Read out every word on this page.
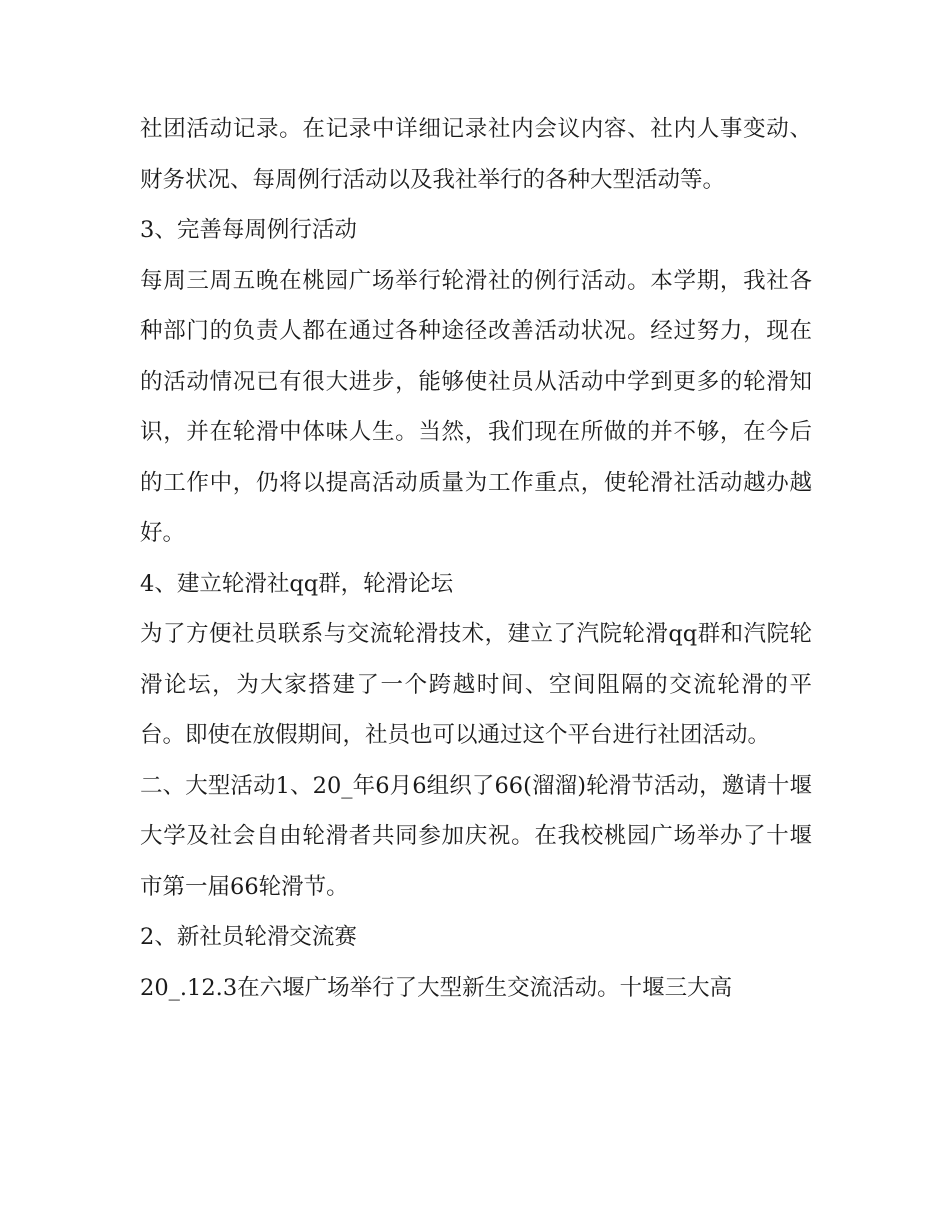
社团活动记录。在记录中详细记录社内会议内容、社内人事变动、财务状况、每周例行活动以及我社举行的各种大型活动等。

3、完善每周例行活动

每周三周五晚在桃园广场举行轮滑社的例行活动。本学期，我社各种部门的负责人都在通过各种途径改善活动状况。经过努力，现在的活动情况已有很大进步，能够使社员从活动中学到更多的轮滑知识，并在轮滑中体味人生。当然，我们现在所做的并不够，在今后的工作中，仍将以提高活动质量为工作重点，使轮滑社活动越办越好。

4、建立轮滑社qq群，轮滑论坛

为了方便社员联系与交流轮滑技术，建立了汽院轮滑qq群和汽院轮滑论坛，为大家搭建了一个跨越时间、空间阻隔的交流轮滑的平台。即使在放假期间，社员也可以通过这个平台进行社团活动。

二、大型活动1、20_年6月6组织了66(溜溜)轮滑节活动，邀请十堰大学及社会自由轮滑者共同参加庆祝。在我校桃园广场举办了十堰市第一届66轮滑节。

2、新社员轮滑交流赛

20_.12.3在六堰广场举行了大型新生交流活动。十堰三大高
